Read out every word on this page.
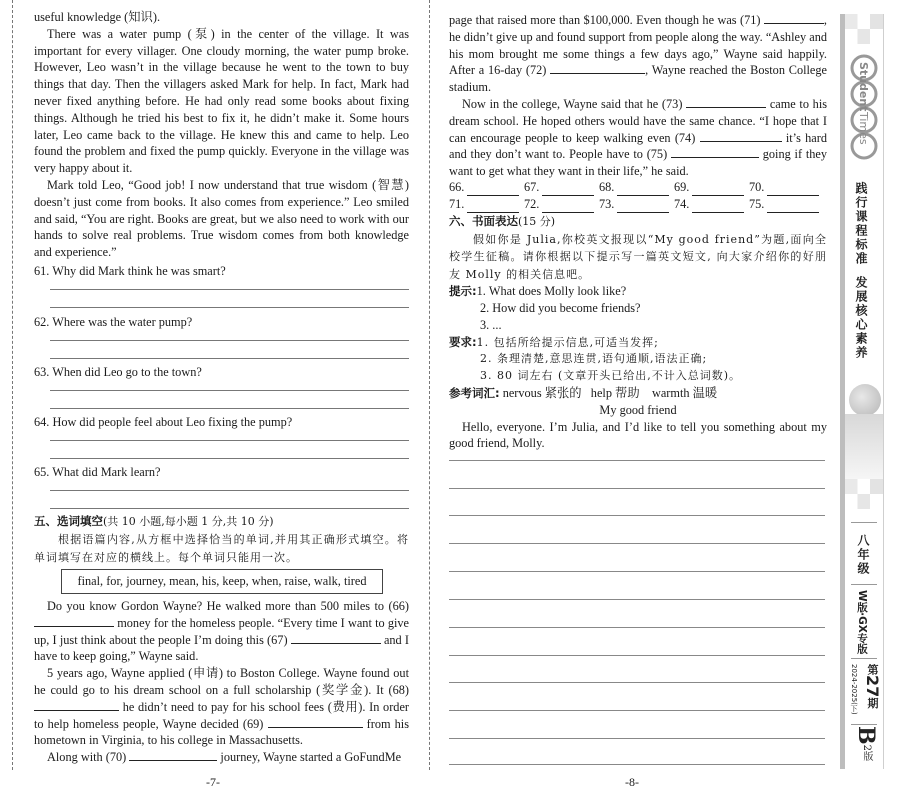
useful knowledge (知识).

There was a water pump (泵) in the center of the village. It was important for every villager. One cloudy morning, the water pump broke. However, Leo wasn’t in the village because he went to the town to buy things that day. Then the villagers asked Mark for help. In fact, Mark had never fixed anything before. He had only read some books about fixing things. Although he tried his best to fix it, he didn’t make it. Some hours later, Leo came back to the village. He knew this and came to help. Leo found the problem and fixed the pump quickly. Everyone in the village was very happy about it.

Mark told Leo, “Good job! I now understand that true wisdom (智慧) doesn’t just come from books. It also comes from experience.” Leo smiled and said, “You are right. Books are great, but we also need to work with our hands to solve real problems. True wisdom comes from both knowledge and experience.”

61. Why did Mark think he was smart?
62. Where was the water pump?
63. When did Leo go to the town?
64. How did people feel about Leo fixing the pump?
65. What did Mark learn?

五、选词填空(共 10 小题,每小题 1 分,共 10 分)

根据语篇内容,从方框中选择恰当的单词,并用其正确形式填空。将单词填写在对应的横线上。每个单词只能用一次。

final, for, journey, mean, his, keep, when, raise, walk, tired

Do you know Gordon Wayne? He walked more than 500 miles to (66)  money for the homeless people. “Every time I want to give up, I just think about the people I’m doing this (67)	and I have to keep going,” Wayne said.

5 years ago, Wayne applied (申请) to Boston College. Wayne found out he could go to his dream school on a full scholarship (奖学金). It (68)  he didn’t need to pay for his school fees (费用). In order to help homeless people, Wayne decided (69)	from his hometown in Virginia, to his college in Massachusetts.

Along with (70)	journey, Wayne started a GoFundMe

-7-

page that raised more than $100,000. Even though he was (71)	, he didn’t give up and found support from people along the way. “Ashley and his mom brought me some things a few days ago,” Wayne said happily. After a 16-day (72)	, Wayne reached the Boston College stadium.

Now in the college, Wayne said that he (73)	came to his dream school. He hoped others would have the same chance. “I hope that I can encourage people to keep walking even (74)	it’s hard and they don’t want to. People have to (75)	going if they want to get what they want in their life,” he said.

66.	67.	68.	69.	70.
71.	72.	73.	74.	75.

六、书面表达(15 分)

假如你是 Julia,你校英文报现以“My good friend”为题,面向全校学生征稿。请你根据以下提示写一篇英文短文, 向大家介绍你的好朋友 Molly 的相关信息吧。

提示:1. What does Molly look like?

2. How did you become friends?

3. ...

要求:1. 包括所给提示信息,可适当发挥;

2. 条理清楚,意思连贯,语句通顺,语法正确;

3. 80 词左右 (文章开头已给出,不计入总词数)。

参考词汇: nervous 紧张的   help 帮助    warmth 温暖

My good friend

Hello, everyone. I’m Julia, and I’d like to tell you something about my good friend, Molly.

-8-
Student
Times
践行课程标准
发展核心素养
八年级
W版·GX专版
第27期
2024-2025(下)
B2版
